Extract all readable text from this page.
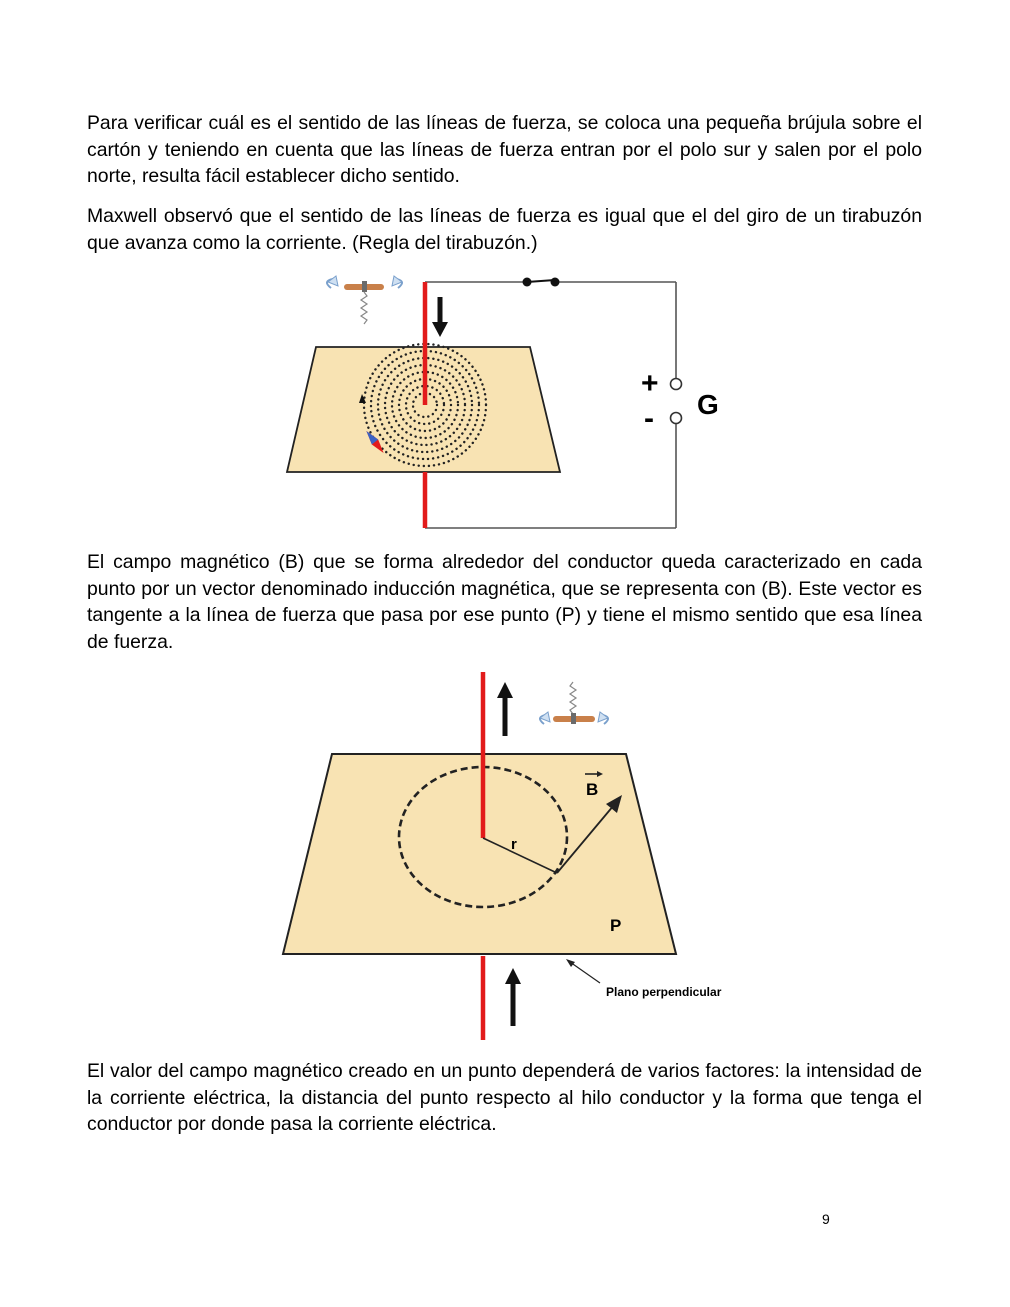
Para verificar cuál es el sentido de las líneas de fuerza, se coloca una pequeña brújula sobre el cartón y teniendo en cuenta que las líneas de fuerza entran por el polo sur y salen por el polo norte, resulta fácil establecer dicho sentido.

Maxwell observó que el sentido de las líneas de fuerza es igual que el del giro de un tirabuzón que avanza como la corriente. (Regla del tirabuzón.)

+
- G

El campo magnético (B) que se forma alrededor del conductor queda caracterizado en cada punto por un vector denominado inducción magnética, que se representa con (B). Este vector es tangente a la línea de fuerza que pasa por ese punto (P) y tiene el mismo sentido que esa línea de fuerza.

r
B
P
Plano perpendicular

El valor del campo magnético creado en un punto dependerá de varios factores: la intensidad de la corriente eléctrica, la distancia del punto respecto al hilo conductor y la forma que tenga el conductor por donde pasa la corriente eléctrica.

9
